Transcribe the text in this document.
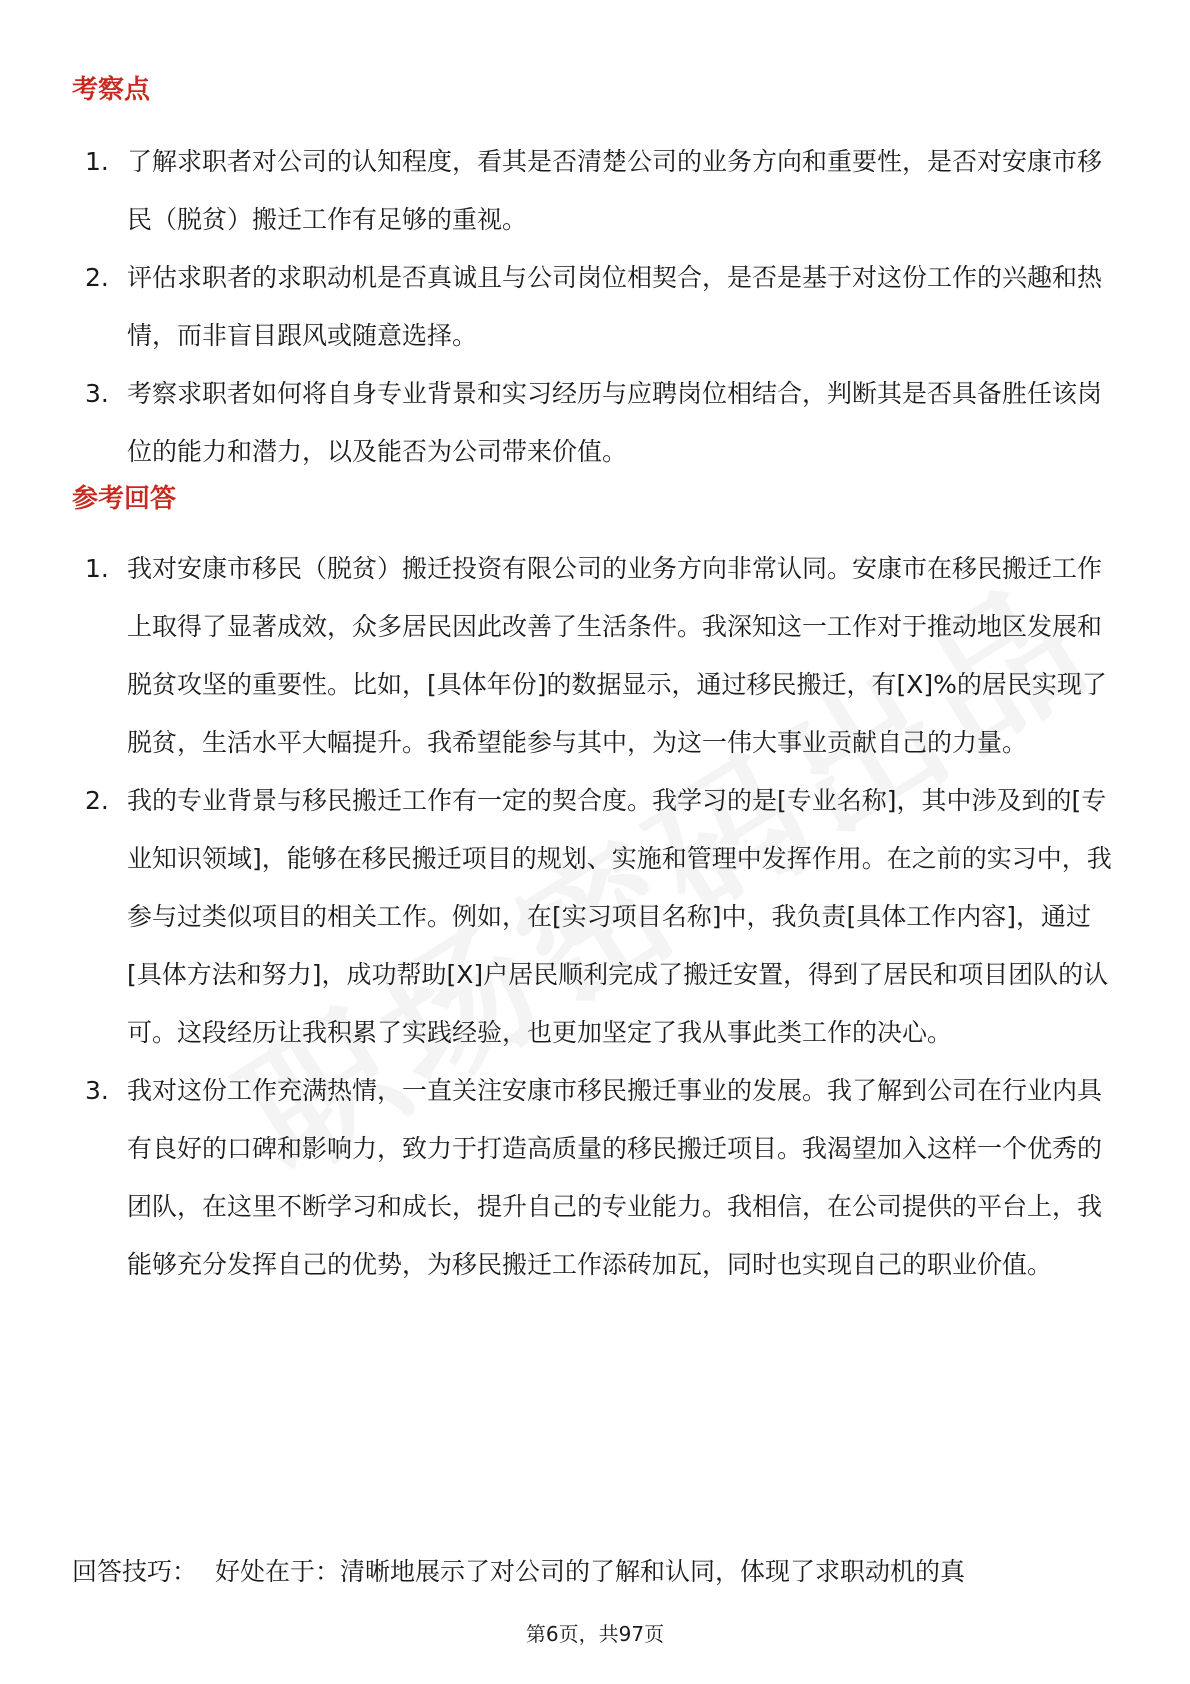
考察点
1. 了解求职者对公司的认知程度，看其是否清楚公司的业务方向和重要性，是否对安康市移民（脱贫）搬迁工作有足够的重视。
2. 评估求职者的求职动机是否真诚且与公司岗位相契合，是否是基于对这份工作的兴趣和热情，而非盲目跟风或随意选择。
3. 考察求职者如何将自身专业背景和实习经历与应聘岗位相结合，判断其是否具备胜任该岗位的能力和潜力，以及能否为公司带来价值。
参考回答
1. 我对安康市移民（脱贫）搬迁投资有限公司的业务方向非常认同。安康市在移民搬迁工作上取得了显著成效，众多居民因此改善了生活条件。我深知这一工作对于推动地区发展和脱贫攻坚的重要性。比如，[具体年份]的数据显示，通过移民搬迁，有[X]%的居民实现了脱贫，生活水平大幅提升。我希望能参与其中，为这一伟大事业贡献自己的力量。
2. 我的专业背景与移民搬迁工作有一定的契合度。我学习的是[专业名称]，其中涉及到的[专业知识领域]，能够在移民搬迁项目的规划、实施和管理中发挥作用。在之前的实习中，我参与过类似项目的相关工作。例如，在[实习项目名称]中，我负责[具体工作内容]，通过[具体方法和努力]，成功帮助[X]户居民顺利完成了搬迁安置，得到了居民和项目团队的认可。这段经历让我积累了实践经验，也更加坚定了我从事此类工作的决心。
3. 我对这份工作充满热情，一直关注安康市移民搬迁事业的发展。我了解到公司在行业内具有良好的口碑和影响力，致力于打造高质量的移民搬迁项目。我渴望加入这样一个优秀的团队，在这里不断学习和成长，提升自己的专业能力。我相信，在公司提供的平台上，我能够充分发挥自己的优势，为移民搬迁工作添砖加瓦，同时也实现自己的职业价值。
回答技巧： 好处在于：清晰地展示了对公司的了解和认同，体现了求职动机的真
第6页，共97页
